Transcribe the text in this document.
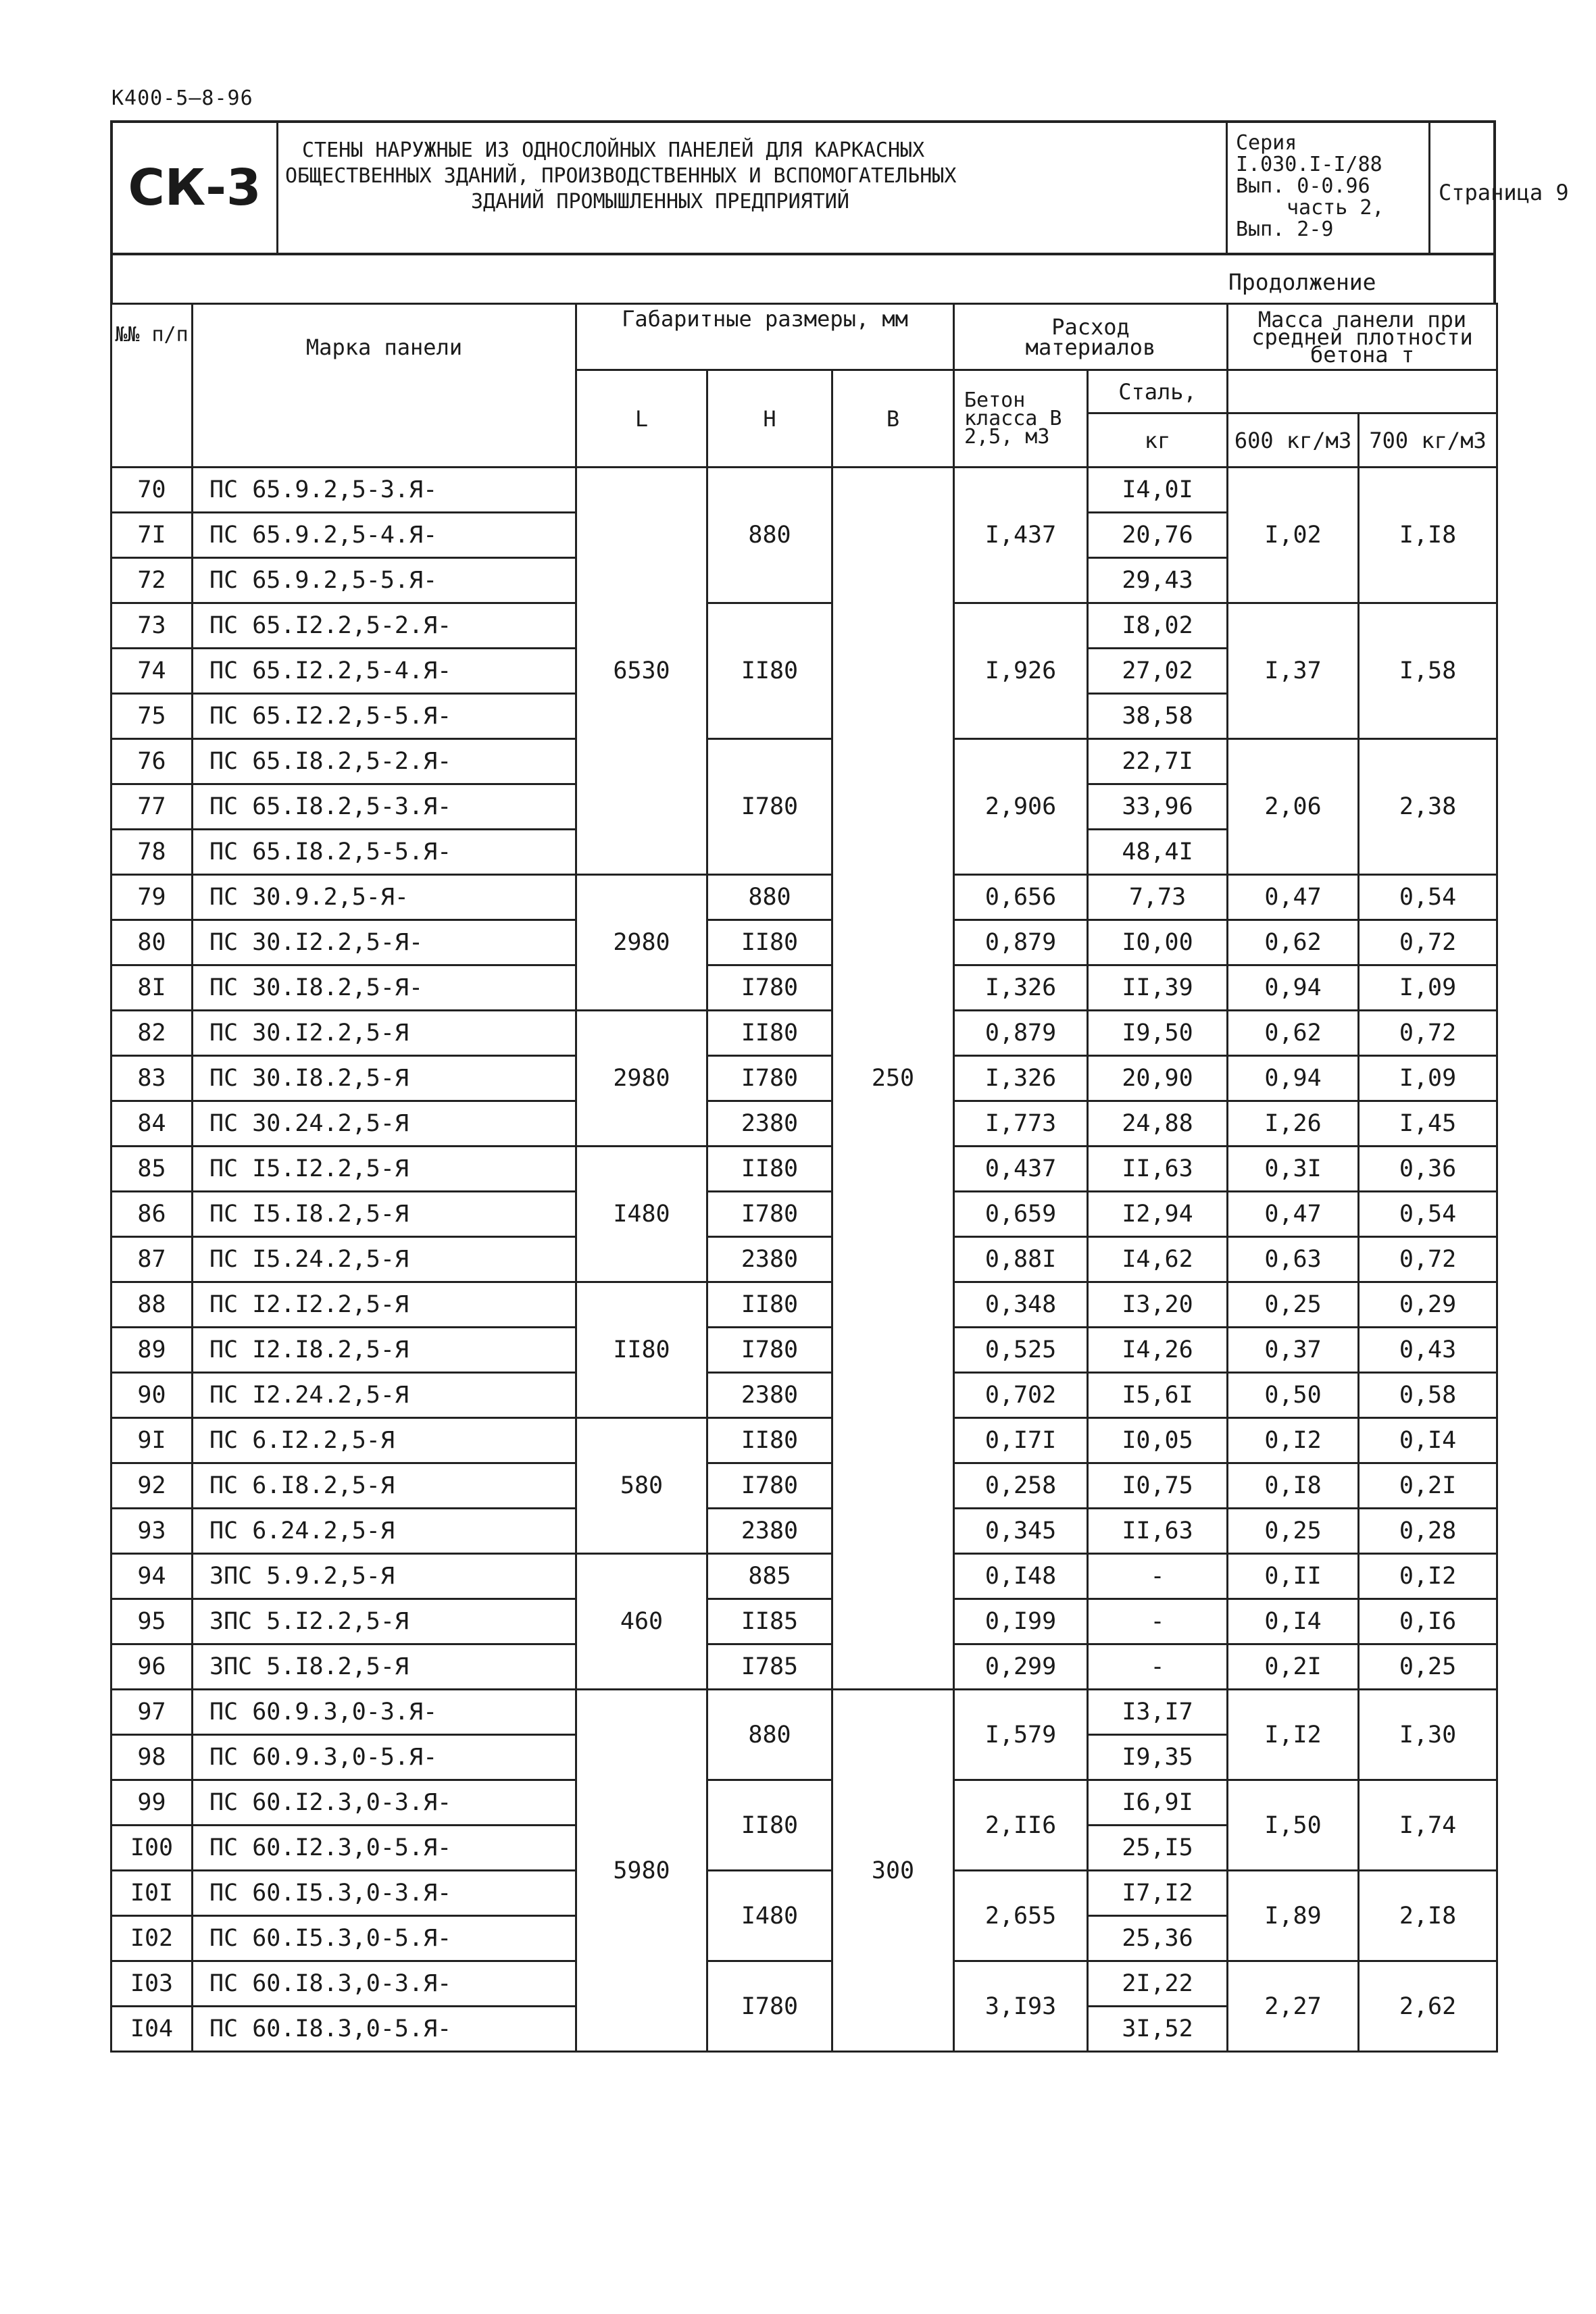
К400-5—8-96
СК-3
СТЕНЫ НАРУЖНЫЕ ИЗ ОДНОСЛОЙНЫХ ПАНЕЛЕЙ ДЛЯ КАРКАСНЫХ
ОБЩЕСТВЕННЫХ ЗДАНИЙ, ПРОИЗВОДСТВЕННЫХ И ВСПОМОГАТЕЛЬНЫХ
ЗДАНИЙ ПРОМЫШЛЕННЫХ ПРЕДПРИЯТИЙ
Серия
I.030.I-I/88
Вып. 0-0.96
часть 2,
Вып. 2-9
Страница 9
Продолжение
№№ п/п	Марка панели	Габаритные размеры, мм			Расход материалов		Масса панели при средней плотности бетона т	
		L	Н	В	Бетон класса В 2,5, м3	Сталь,		
						кг	600 кг/м3	700 кг/м3
70	ПС 65.9.2,5-3.Я-	6530	880	250	I,437	I4,0I	I,02	I,I8
7I	ПС 65.9.2,5-4.Я-					20,76		
72	ПС 65.9.2,5-5.Я-					29,43		
73	ПС 65.I2.2,5-2.Я-		II80		I,926	I8,02	I,37	I,58
74	ПС 65.I2.2,5-4.Я-					27,02		
75	ПС 65.I2.2,5-5.Я-					38,58		
76	ПС 65.I8.2,5-2.Я-		I780		2,906	22,7I	2,06	2,38
77	ПС 65.I8.2,5-3.Я-					33,96		
78	ПС 65.I8.2,5-5.Я-					48,4I		
79	ПС 30.9.2,5-Я-	2980	880		0,656	7,73	0,47	0,54
80	ПС 30.I2.2,5-Я-		II80		0,879	I0,00	0,62	0,72
8I	ПС 30.I8.2,5-Я-		I780		I,326	II,39	0,94	I,09
82	ПС 30.I2.2,5-Я	2980	II80		0,879	I9,50	0,62	0,72
83	ПС 30.I8.2,5-Я		I780		I,326	20,90	0,94	I,09
84	ПС 30.24.2,5-Я		2380		I,773	24,88	I,26	I,45
85	ПС I5.I2.2,5-Я	I480	II80		0,437	II,63	0,3I	0,36
86	ПС I5.I8.2,5-Я		I780		0,659	I2,94	0,47	0,54
87	ПС I5.24.2,5-Я		2380		0,88I	I4,62	0,63	0,72
88	ПС I2.I2.2,5-Я	II80	II80		0,348	I3,20	0,25	0,29
89	ПС I2.I8.2,5-Я		I780		0,525	I4,26	0,37	0,43
90	ПС I2.24.2,5-Я		2380		0,702	I5,6I	0,50	0,58
9I	ПС 6.I2.2,5-Я	580	II80		0,I7I	I0,05	0,I2	0,I4
92	ПС 6.I8.2,5-Я		I780		0,258	I0,75	0,I8	0,2I
93	ПС 6.24.2,5-Я		2380		0,345	II,63	0,25	0,28
94	3ПС 5.9.2,5-Я	460	885		0,I48	-	0,II	0,I2
95	3ПС 5.I2.2,5-Я		II85		0,I99	-	0,I4	0,I6
96	3ПС 5.I8.2,5-Я		I785		0,299	-	0,2I	0,25
97	ПС 60.9.3,0-3.Я-	5980	880	300	I,579	I3,I7	I,I2	I,30
98	ПС 60.9.3,0-5.Я-					I9,35		
99	ПС 60.I2.3,0-3.Я-		II80		2,II6	I6,9I	I,50	I,74
I00	ПС 60.I2.3,0-5.Я-					25,I5		
I0I	ПС 60.I5.3,0-3.Я-		I480		2,655	I7,I2	I,89	2,I8
I02	ПС 60.I5.3,0-5.Я-					25,36		
I03	ПС 60.I8.3,0-3.Я-		I780		3,I93	2I,22	2,27	2,62
I04	ПС 60.I8.3,0-5.Я-					3I,52		
